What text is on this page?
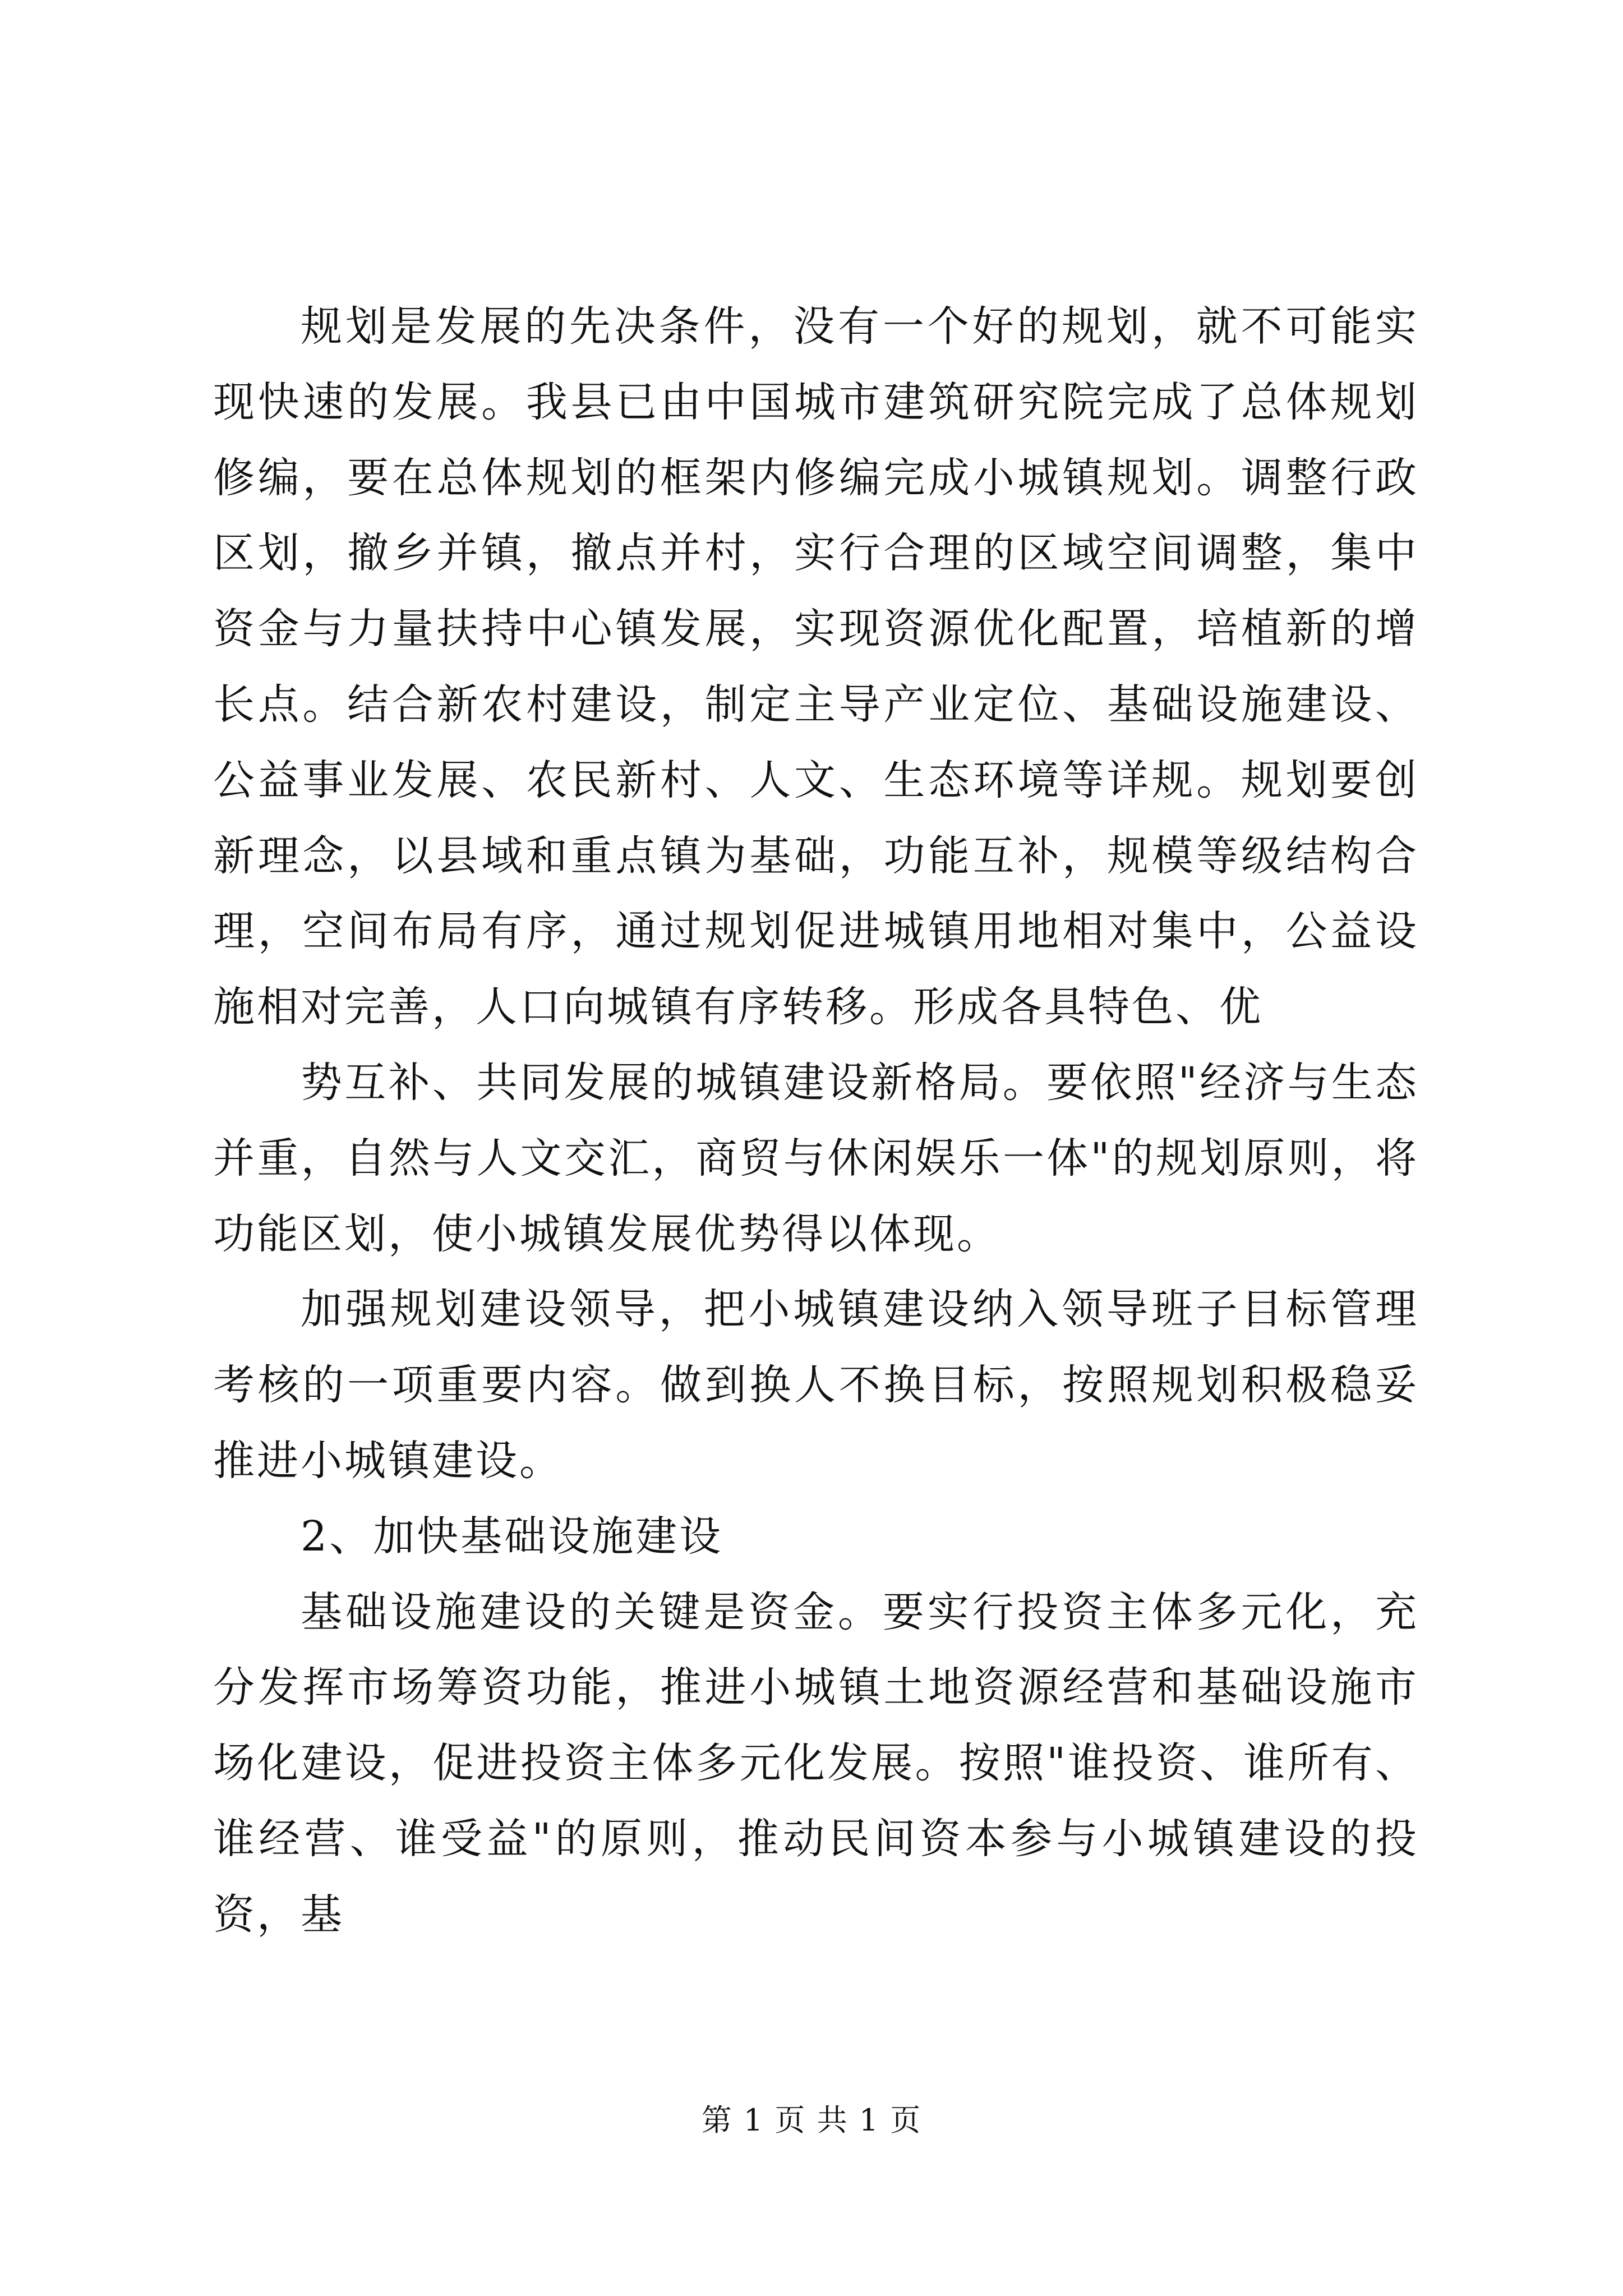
规划是发展的先决条件，没有一个好的规划，就不可能实现快速的发展。我县已由中国城市建筑研究院完成了总体规划修编，要在总体规划的框架内修编完成小城镇规划。调整行政区划，撤乡并镇，撤点并村，实行合理的区域空间调整，集中资金与力量扶持中心镇发展，实现资源优化配置，培植新的增长点。结合新农村建设，制定主导产业定位、基础设施建设、公益事业发展、农民新村、人文、生态环境等详规。规划要创新理念，以县域和重点镇为基础，功能互补，规模等级结构合理，空间布局有序，通过规划促进城镇用地相对集中，公益设施相对完善，人口向城镇有序转移。形成各具特色、优

势互补、共同发展的城镇建设新格局。要依照"经济与生态并重，自然与人文交汇，商贸与休闲娱乐一体"的规划原则，将功能区划，使小城镇发展优势得以体现。

加强规划建设领导，把小城镇建设纳入领导班子目标管理考核的一项重要内容。做到换人不换目标，按照规划积极稳妥推进小城镇建设。

2、加快基础设施建设

基础设施建设的关键是资金。要实行投资主体多元化，充分发挥市场筹资功能，推进小城镇土地资源经营和基础设施市场化建设，促进投资主体多元化发展。按照"谁投资、谁所有、谁经营、谁受益"的原则，推动民间资本参与小城镇建设的投资，基

第 1 页 共 1 页
